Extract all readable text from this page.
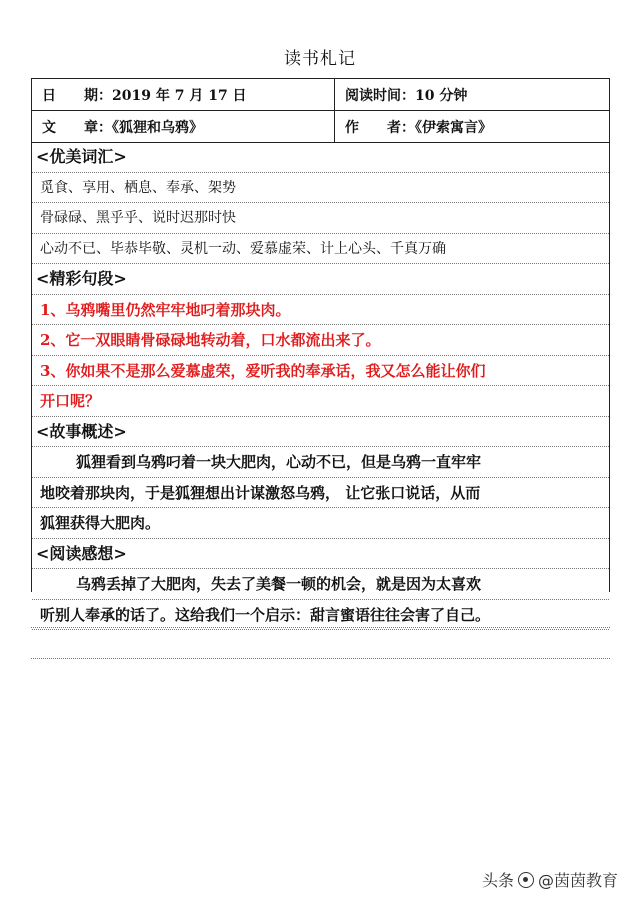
读书札记
日　　期：2019 年 7 月 17 日	阅读时间：10 分钟
文　　章：《狐狸和乌鸦》	作　　者：《伊索寓言》
<优美词汇>
觅食、享用、栖息、奉承、架势
骨碌碌、黑乎乎、说时迟那时快
心动不已、毕恭毕敬、灵机一动、爱慕虚荣、计上心头、千真万确
<精彩句段>
1、乌鸦嘴里仍然牢牢地叼着那块肉。
2、它一双眼睛骨碌碌地转动着，口水都流出来了。
3、你如果不是那么爱慕虚荣，爱听我的奉承话，我又怎么能让你们
开口呢？
<故事概述>
狐狸看到乌鸦叼着一块大肥肉，心动不已，但是乌鸦一直牢牢
地咬着那块肉，于是狐狸想出计谋激怒乌鸦， 让它张口说话，从而
狐狸获得大肥肉。
<阅读感想>
乌鸦丢掉了大肥肉，失去了美餐一顿的机会，就是因为太喜欢
听别人奉承的话了。这给我们一个启示：甜言蜜语往往会害了自己。
头条 @茵茵教育
